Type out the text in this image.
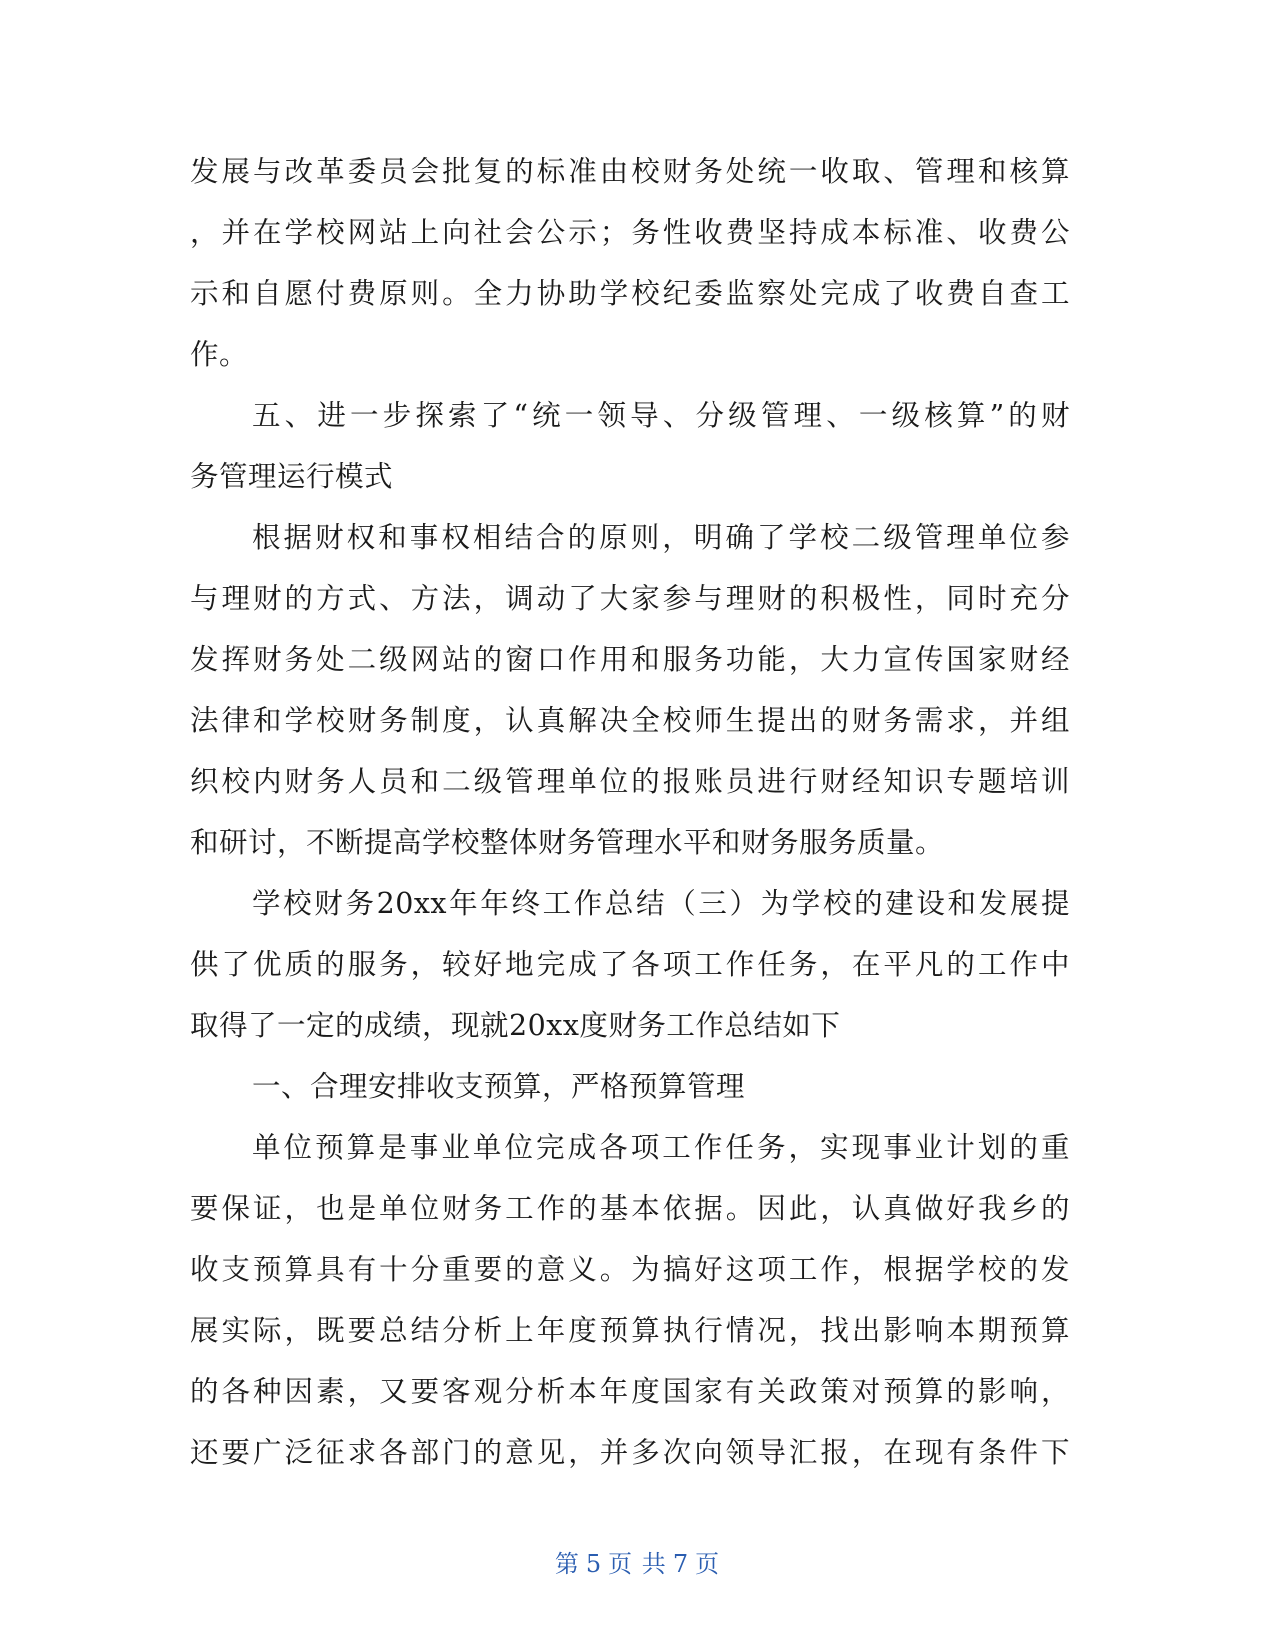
发展与改革委员会批复的标准由校财务处统一收取、管理和核算
，并在学校网站上向社会公示；务性收费坚持成本标准、收费公
示和自愿付费原则。全力协助学校纪委监察处完成了收费自查工
作。
五、进一步探索了“统一领导、分级管理、一级核算”的财
务管理运行模式
根据财权和事权相结合的原则，明确了学校二级管理单位参
与理财的方式、方法，调动了大家参与理财的积极性，同时充分
发挥财务处二级网站的窗口作用和服务功能，大力宣传国家财经
法律和学校财务制度，认真解决全校师生提出的财务需求，并组
织校内财务人员和二级管理单位的报账员进行财经知识专题培训
和研讨，不断提高学校整体财务管理水平和财务服务质量。
学校财务20xx年年终工作总结（三）为学校的建设和发展提
供了优质的服务，较好地完成了各项工作任务，在平凡的工作中
取得了一定的成绩，现就20xx度财务工作总结如下
一、合理安排收支预算，严格预算管理
单位预算是事业单位完成各项工作任务，实现事业计划的重
要保证，也是单位财务工作的基本依据。因此，认真做好我乡的
收支预算具有十分重要的意义。为搞好这项工作，根据学校的发
展实际，既要总结分析上年度预算执行情况，找出影响本期预算
的各种因素，又要客观分析本年度国家有关政策对预算的影响，
还要广泛征求各部门的意见，并多次向领导汇报，在现有条件下
第 5 页 共 7 页
